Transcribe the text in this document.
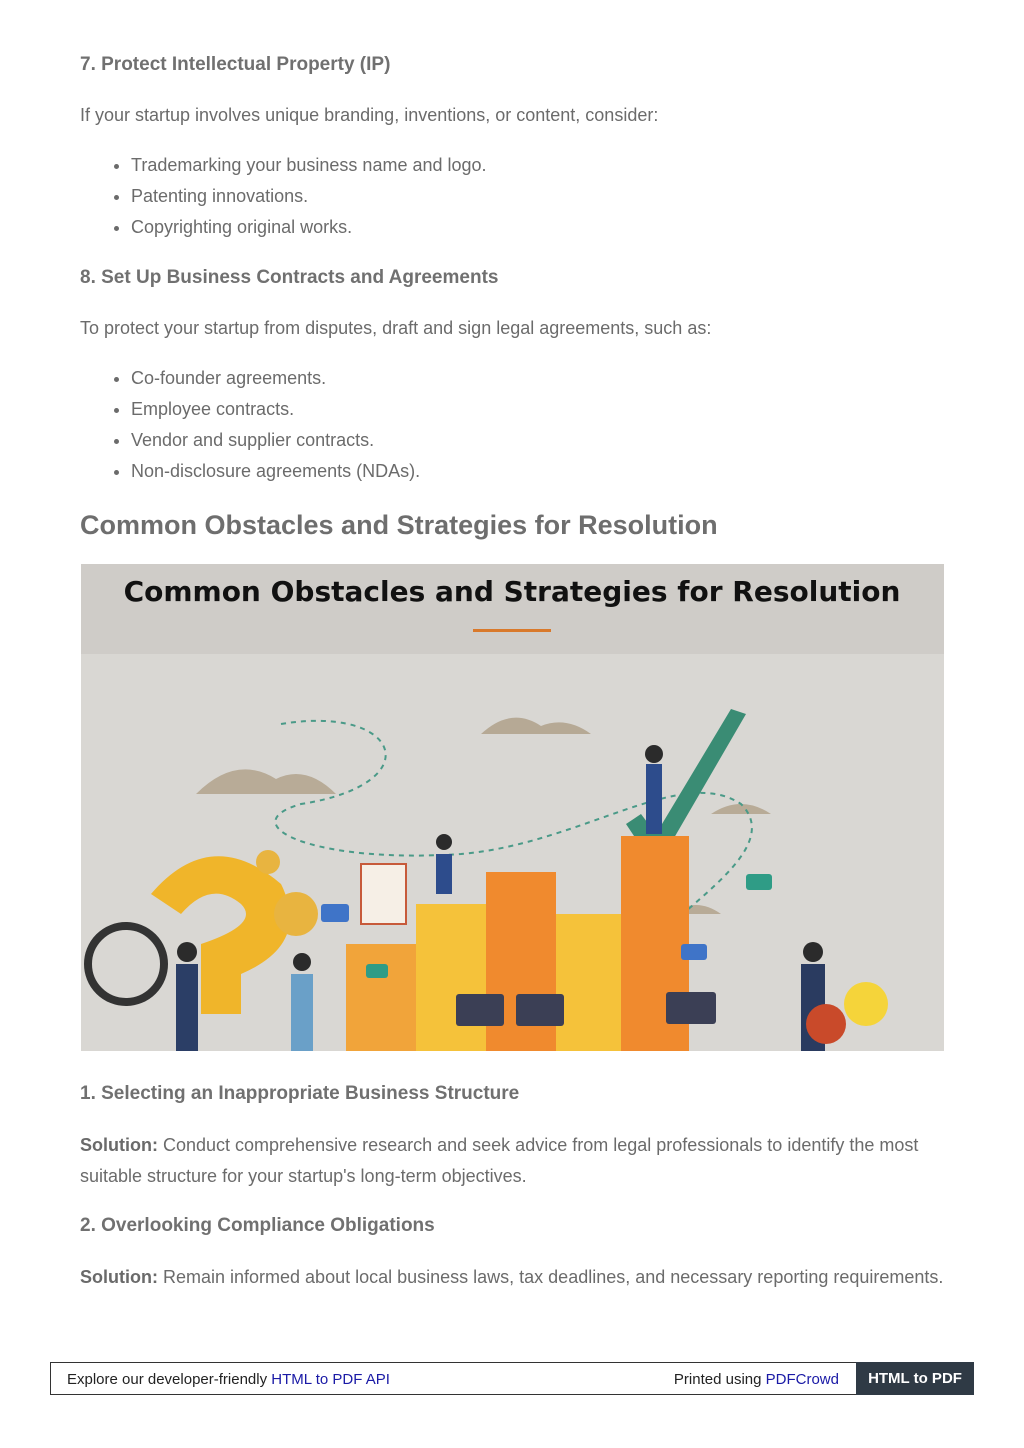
7. Protect Intellectual Property (IP)

If your startup involves unique branding, inventions, or content, consider:

• Trademarking your business name and logo.
• Patenting innovations.
• Copyrighting original works.
8. Set Up Business Contracts and Agreements

To protect your startup from disputes, draft and sign legal agreements, such as:

• Co-founder agreements.
• Employee contracts.
• Vendor and supplier contracts.
• Non-disclosure agreements (NDAs).
Common Obstacles and Strategies for Resolution
Common Obstacles and Strategies for Resolution
1. Selecting an Inappropriate Business Structure

Solution: Conduct comprehensive research and seek advice from legal professionals to identify the most suitable structure for your startup's long-term objectives.

2. Overlooking Compliance Obligations

Solution: Remain informed about local business laws, tax deadlines, and necessary reporting requirements.

Explore our developer-friendly HTML to PDF API	Printed using PDFCrowd	HTML to PDF
